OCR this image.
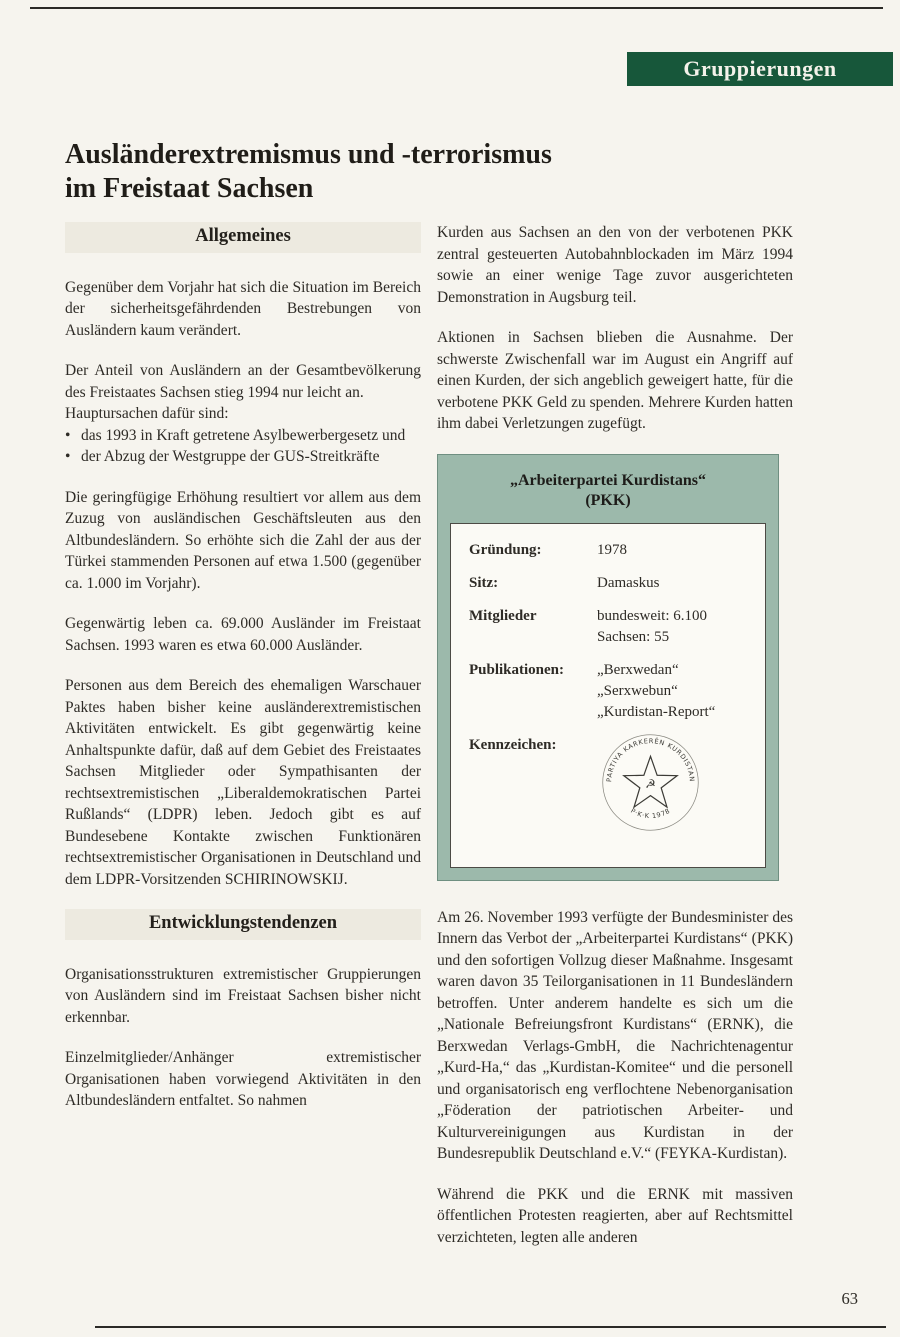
Gruppierungen
Ausländerextremismus und -terrorismus
im Freistaat Sachsen
Allgemeines

Gegenüber dem Vorjahr hat sich die Situation im Bereich der sicherheitsgefährdenden Bestrebungen von Ausländern kaum verändert.

Der Anteil von Ausländern an der Gesamtbevölkerung des Freistaates Sachsen stieg 1994 nur leicht an.

Hauptursachen dafür sind:

• das 1993 in Kraft getretene Asylbewerbergesetz und
• der Abzug der Westgruppe der GUS-Streitkräfte

Die geringfügige Erhöhung resultiert vor allem aus dem Zuzug von ausländischen Geschäftsleuten aus den Altbundesländern. So erhöhte sich die Zahl der aus der Türkei stammenden Personen auf etwa 1.500 (gegenüber ca. 1.000 im Vorjahr).

Gegenwärtig leben ca. 69.000 Ausländer im Freistaat Sachsen. 1993 waren es etwa 60.000 Ausländer.

Personen aus dem Bereich des ehemaligen Warschauer Paktes haben bisher keine ausländerextremistischen Aktivitäten entwickelt. Es gibt gegenwärtig keine Anhaltspunkte dafür, daß auf dem Gebiet des Freistaates Sachsen Mitglieder oder Sympathisanten der rechtsextremistischen „Liberaldemokratischen Partei Rußlands“ (LDPR) leben. Jedoch gibt es auf Bundesebene Kontakte zwischen Funktionären rechtsextremistischer Organisationen in Deutschland und dem LDPR-Vorsitzenden SCHIRINOWSKIJ.

Entwicklungstendenzen

Organisationsstrukturen extremistischer Gruppierungen von Ausländern sind im Freistaat Sachsen bisher nicht erkennbar.

Einzelmitglieder/Anhänger extremistischer Organisationen haben vorwiegend Aktivitäten in den Altbundesländern entfaltet. So nahmen

Kurden aus Sachsen an den von der verbotenen PKK zentral gesteuerten Autobahnblockaden im März 1994 sowie an einer wenige Tage zuvor ausgerichteten Demonstration in Augsburg teil.

Aktionen in Sachsen blieben die Ausnahme. Der schwerste Zwischenfall war im August ein Angriff auf einen Kurden, der sich angeblich geweigert hatte, für die verbotene PKK Geld zu spenden. Mehrere Kurden hatten ihm dabei Verletzungen zugefügt.

„Arbeiterpartei Kurdistans“
(PKK)
Gründung:	1978
Sitz:	Damaskus
Mitglieder	bundesweit: 6.100
Sachsen: 55
Publikationen:	„Berxwedan“
„Serxwebun“
„Kurdistan-Report“
Kennzeichen:
PARTIYA KARKERÊN KURDISTAN
P·K·K 1978
☭

Am 26. November 1993 verfügte der Bundesminister des Innern das Verbot der „Arbeiterpartei Kurdistans“ (PKK) und den sofortigen Vollzug dieser Maßnahme. Insgesamt waren davon 35 Teilorganisationen in 11 Bundesländern betroffen. Unter anderem handelte es sich um die „Nationale Befreiungsfront Kurdistans“ (ERNK), die Berxwedan Verlags-GmbH, die Nachrichtenagentur „Kurd-Ha,“ das „Kurdistan-Komitee“ und die personell und organisatorisch eng verflochtene Nebenorganisation „Föderation der patriotischen Arbeiter- und Kulturvereinigungen aus Kurdistan in der Bundesrepublik Deutschland e.V.“ (FEYKA-Kurdistan).

Während die PKK und die ERNK mit massiven öffentlichen Protesten reagierten, aber auf Rechtsmittel verzichteten, legten alle anderen

63
